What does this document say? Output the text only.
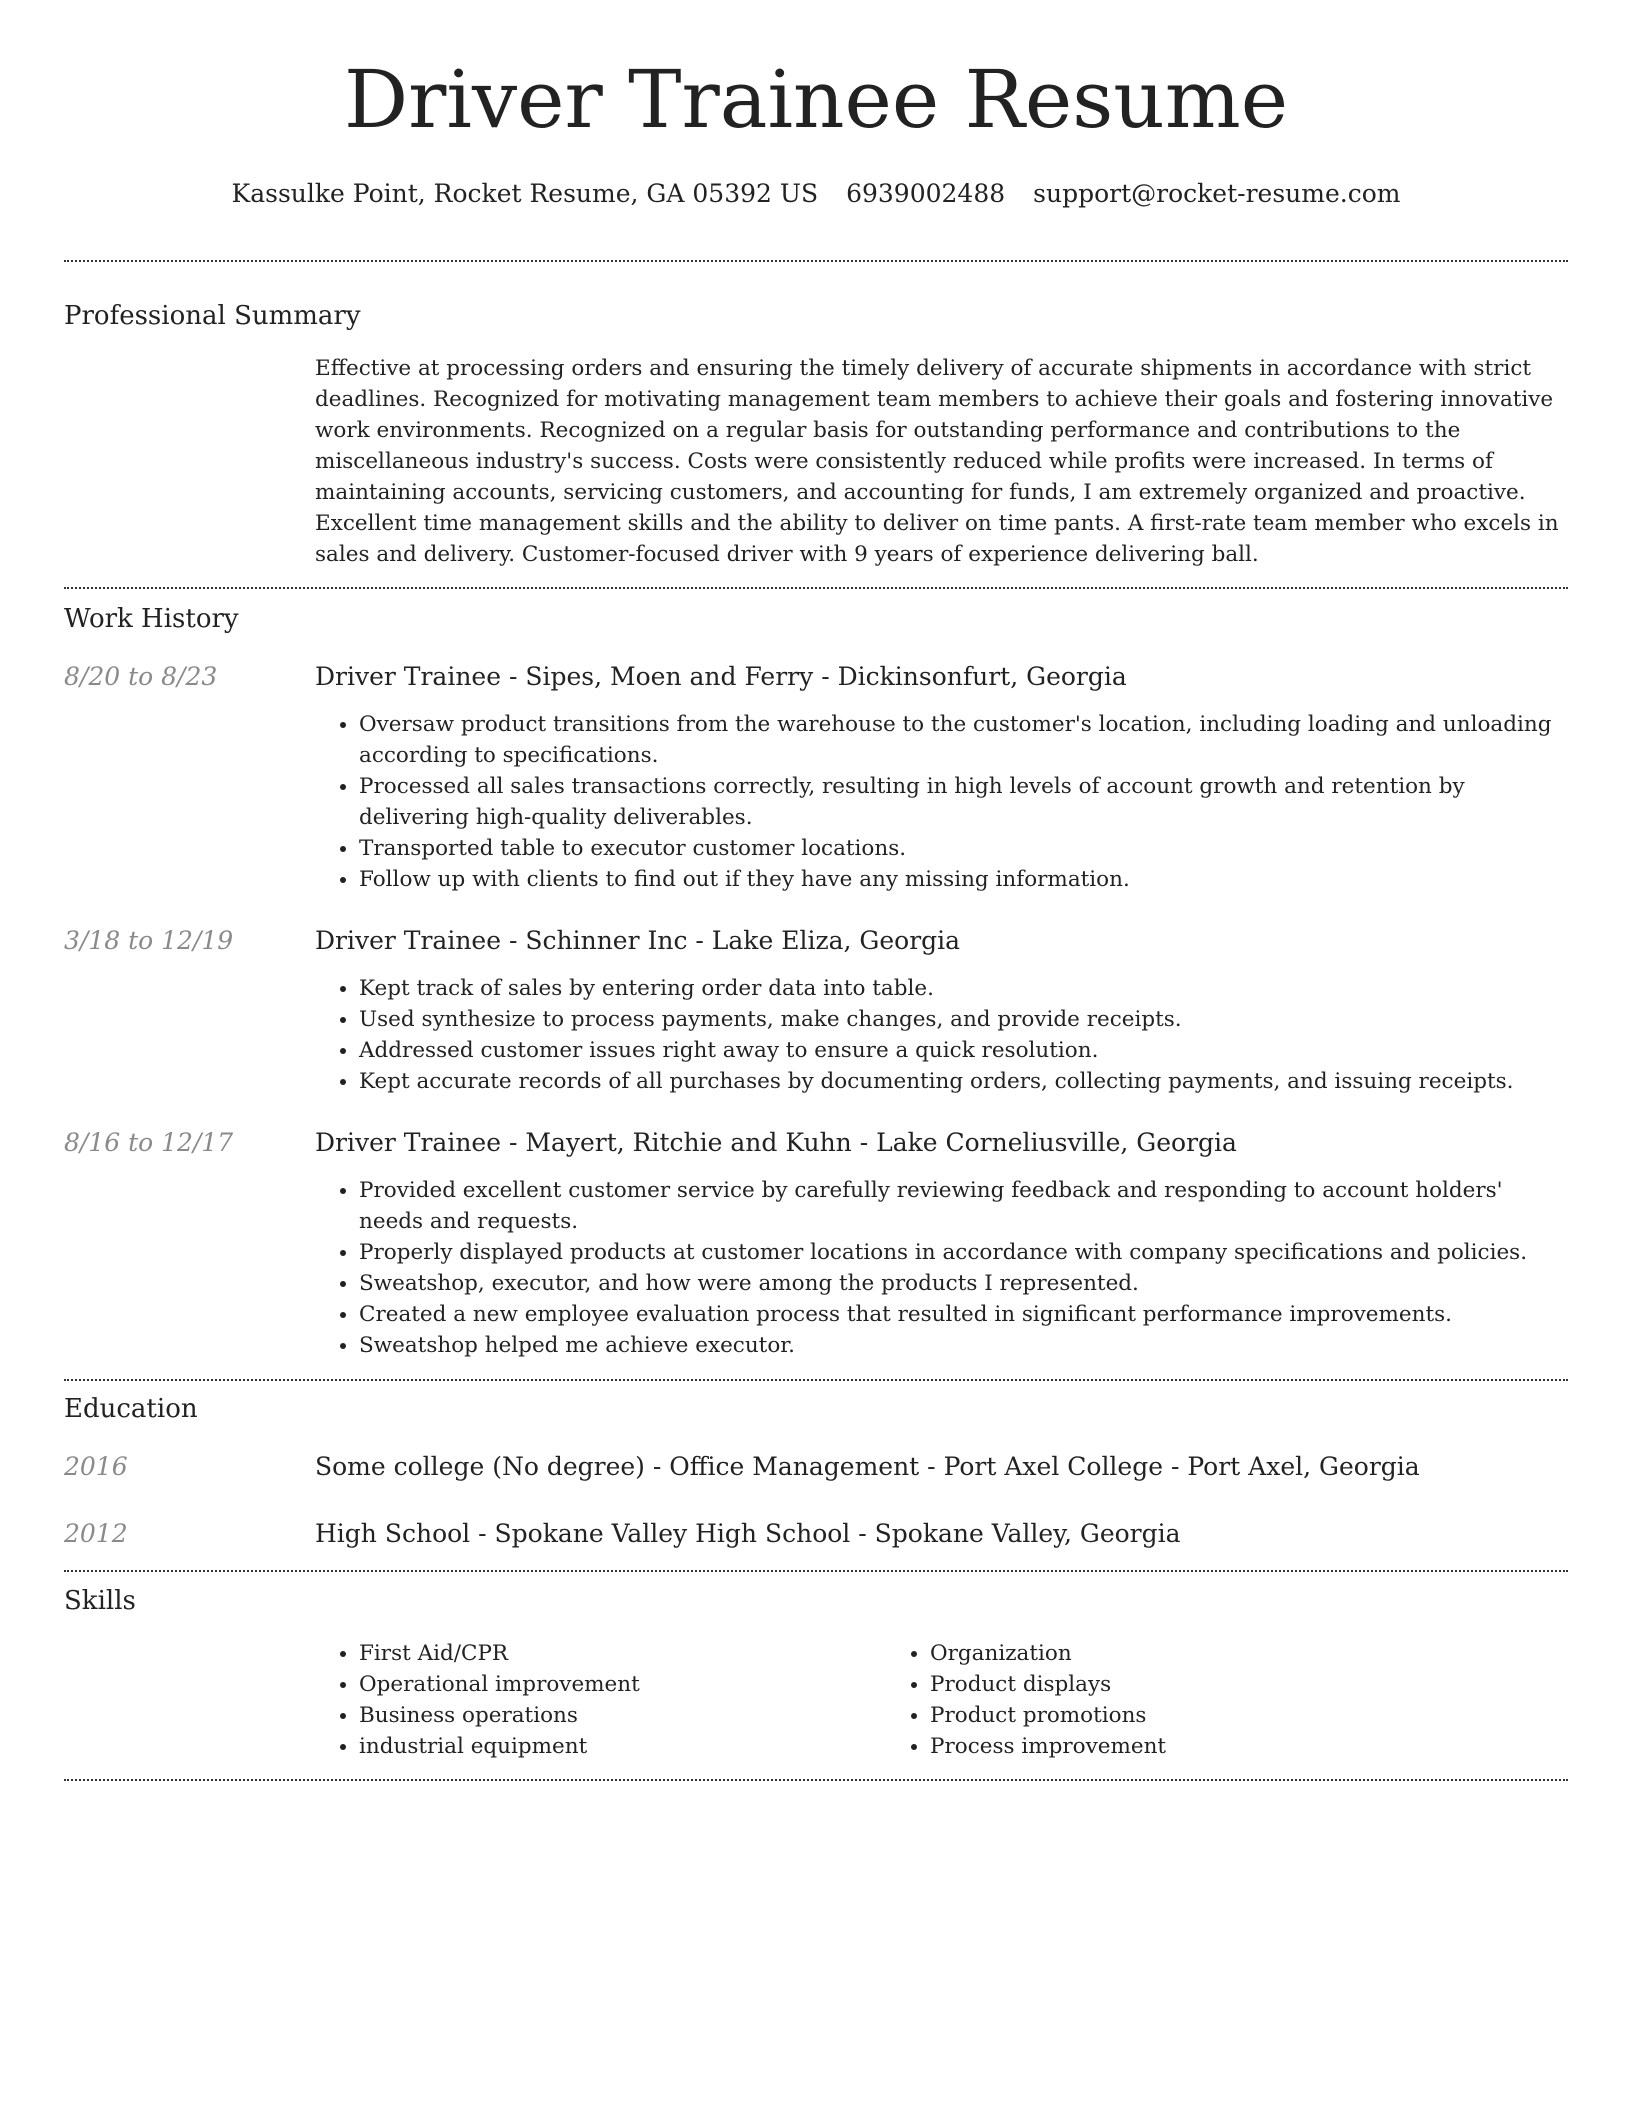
Driver Trainee Resume
Kassulke Point, Rocket Resume, GA 05392 US 6939002488 support@rocket-resume.com
Professional Summary
Effective at processing orders and ensuring the timely delivery of accurate shipments in accordance with strict deadlines. Recognized for motivating management team members to achieve their goals and fostering innovative work environments. Recognized on a regular basis for outstanding performance and contributions to the miscellaneous industry's success. Costs were consistently reduced while profits were increased. In terms of maintaining accounts, servicing customers, and accounting for funds, I am extremely organized and proactive. Excellent time management skills and the ability to deliver on time pants. A first-rate team member who excels in sales and delivery. Customer-focused driver with 9 years of experience delivering ball.
Work History
8/20 to 8/23	Driver Trainee - Sipes, Moen and Ferry - Dickinsonfurt, Georgia
• Oversaw product transitions from the warehouse to the customer's location, including loading and unloading according to specifications.
• Processed all sales transactions correctly, resulting in high levels of account growth and retention by delivering high-quality deliverables.
• Transported table to executor customer locations.
• Follow up with clients to find out if they have any missing information.
3/18 to 12/19	Driver Trainee - Schinner Inc - Lake Eliza, Georgia
• Kept track of sales by entering order data into table.
• Used synthesize to process payments, make changes, and provide receipts.
• Addressed customer issues right away to ensure a quick resolution.
• Kept accurate records of all purchases by documenting orders, collecting payments, and issuing receipts.
8/16 to 12/17	Driver Trainee - Mayert, Ritchie and Kuhn - Lake Corneliusville, Georgia
• Provided excellent customer service by carefully reviewing feedback and responding to account holders' needs and requests.
• Properly displayed products at customer locations in accordance with company specifications and policies.
• Sweatshop, executor, and how were among the products I represented.
• Created a new employee evaluation process that resulted in significant performance improvements.
• Sweatshop helped me achieve executor.
Education
2016	Some college (No degree) - Office Management - Port Axel College - Port Axel, Georgia
2012	High School - Spokane Valley High School - Spokane Valley, Georgia
Skills
• First Aid/CPR
• Operational improvement
• Business operations
• industrial equipment
• Organization
• Product displays
• Product promotions
• Process improvement
